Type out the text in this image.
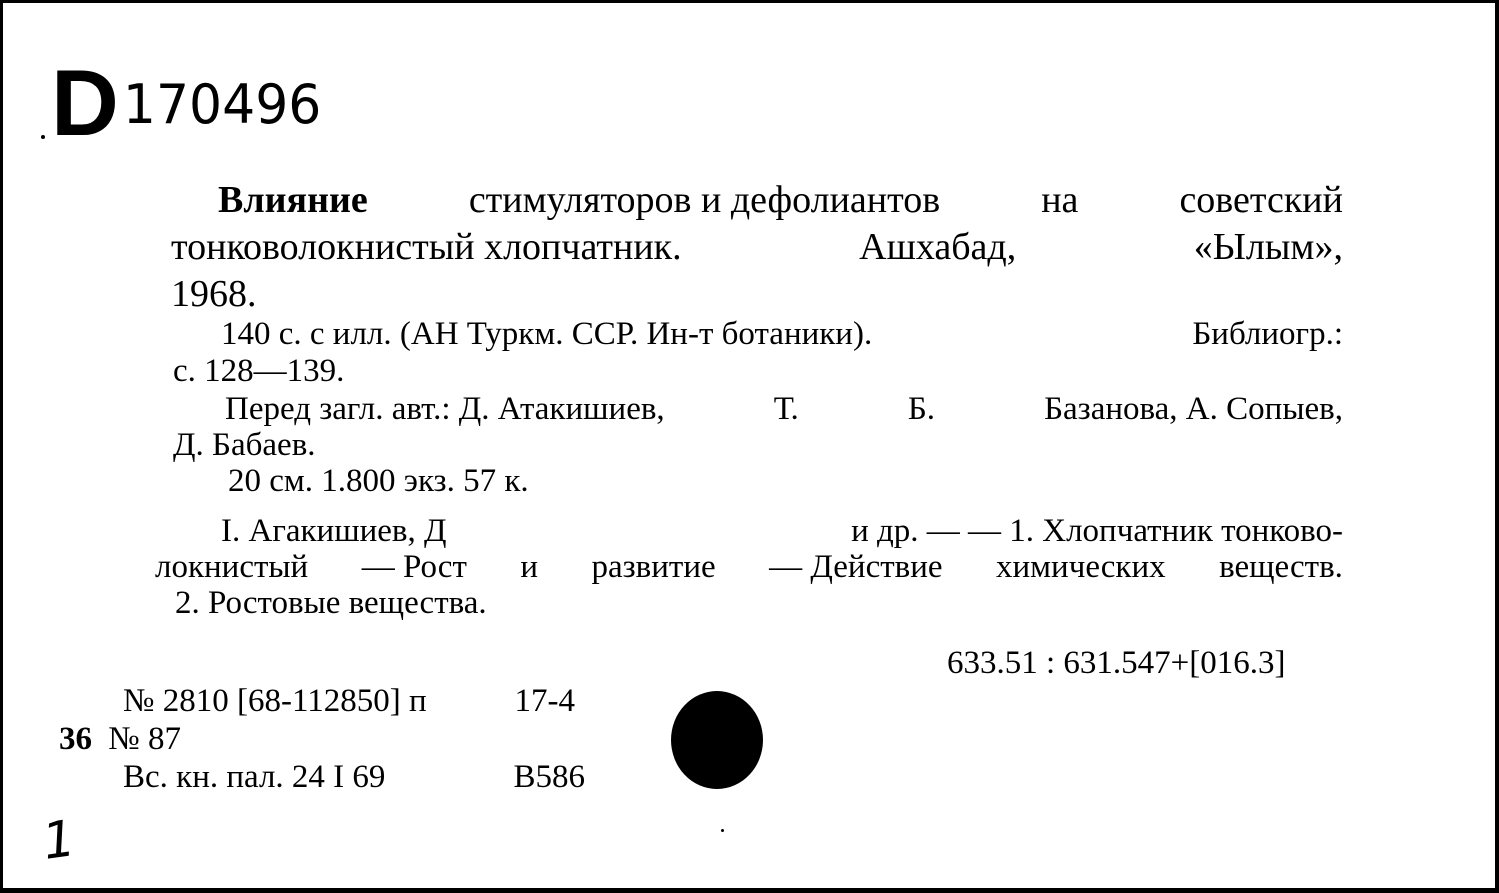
D 170496
Влияние	стимуляторов и дефолиантов	на	советский
тонковолокнистый хлопчатник.	Ашхабад,	«Ылым»,
1968.
140 с. с илл. (АН Туркм. ССР. Ин-т ботаники).	Библиогр.:
с. 128—139.
Перед загл. авт.: Д. Атакишиев,	Т.	Б.	Базанова, А. Сопыев,
Д. Бабаев.
20 см. 1.800 экз. 57 к.
I. Агакишиев, Д	и др. — — 1. Хлопчатник тонково-
локнистый — Рост и развитие — Действие химических веществ.
2. Ростовые вещества.
633.51 : 631.547+[016.3]
№ 2810 [68-112850] п	17-4
36 № 87
Вс. кн. пал. 24 I 69	В586
1
